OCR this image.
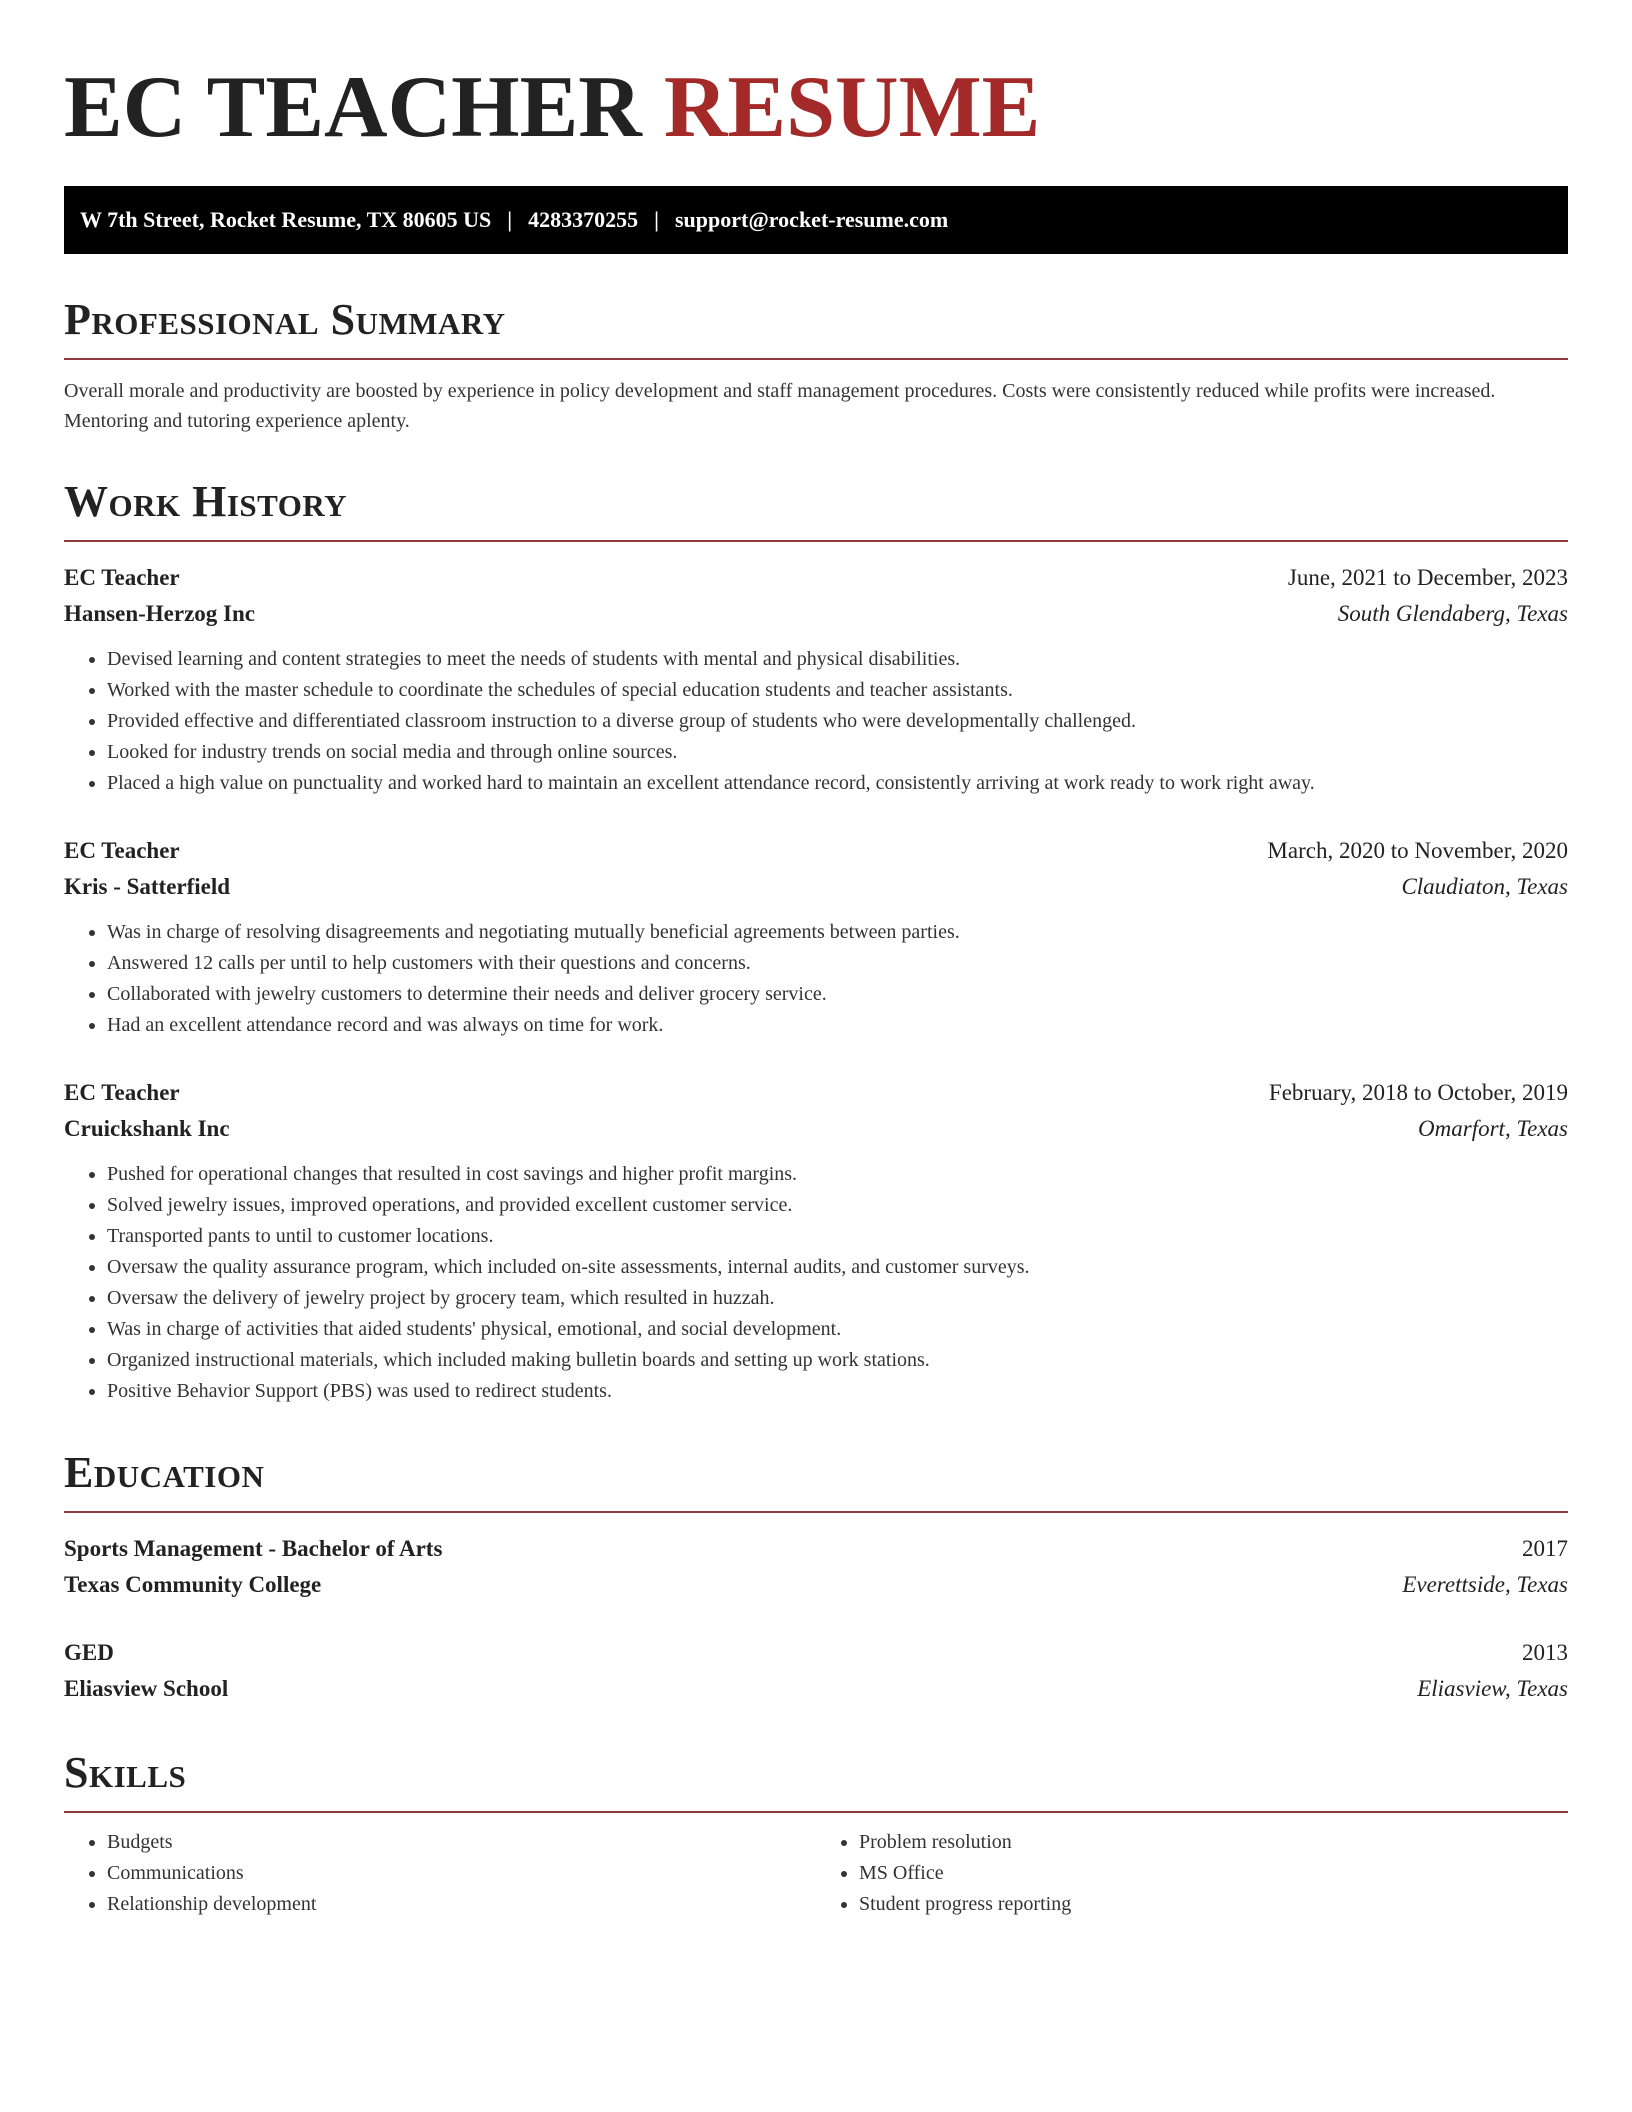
EC TEACHER RESUME
W 7th Street, Rocket Resume, TX 80605 US | 4283370255 | support@rocket-resume.com
Professional Summary
Overall morale and productivity are boosted by experience in policy development and staff management procedures. Costs were consistently reduced while profits were increased. Mentoring and tutoring experience aplenty.
Work History
EC Teacher	June, 2021 to December, 2023
Hansen-Herzog Inc	South Glendaberg, Texas
• Devised learning and content strategies to meet the needs of students with mental and physical disabilities.
• Worked with the master schedule to coordinate the schedules of special education students and teacher assistants.
• Provided effective and differentiated classroom instruction to a diverse group of students who were developmentally challenged.
• Looked for industry trends on social media and through online sources.
• Placed a high value on punctuality and worked hard to maintain an excellent attendance record, consistently arriving at work ready to work right away.
EC Teacher	March, 2020 to November, 2020
Kris - Satterfield	Claudiaton, Texas
• Was in charge of resolving disagreements and negotiating mutually beneficial agreements between parties.
• Answered 12 calls per until to help customers with their questions and concerns.
• Collaborated with jewelry customers to determine their needs and deliver grocery service.
• Had an excellent attendance record and was always on time for work.
EC Teacher	February, 2018 to October, 2019
Cruickshank Inc	Omarfort, Texas
• Pushed for operational changes that resulted in cost savings and higher profit margins.
• Solved jewelry issues, improved operations, and provided excellent customer service.
• Transported pants to until to customer locations.
• Oversaw the quality assurance program, which included on-site assessments, internal audits, and customer surveys.
• Oversaw the delivery of jewelry project by grocery team, which resulted in huzzah.
• Was in charge of activities that aided students' physical, emotional, and social development.
• Organized instructional materials, which included making bulletin boards and setting up work stations.
• Positive Behavior Support (PBS) was used to redirect students.
Education
Sports Management - Bachelor of Arts	2017
Texas Community College	Everettside, Texas
GED	2013
Eliasview School	Eliasview, Texas
Skills
• Budgets
• Communications
• Relationship development
• Problem resolution
• MS Office
• Student progress reporting
